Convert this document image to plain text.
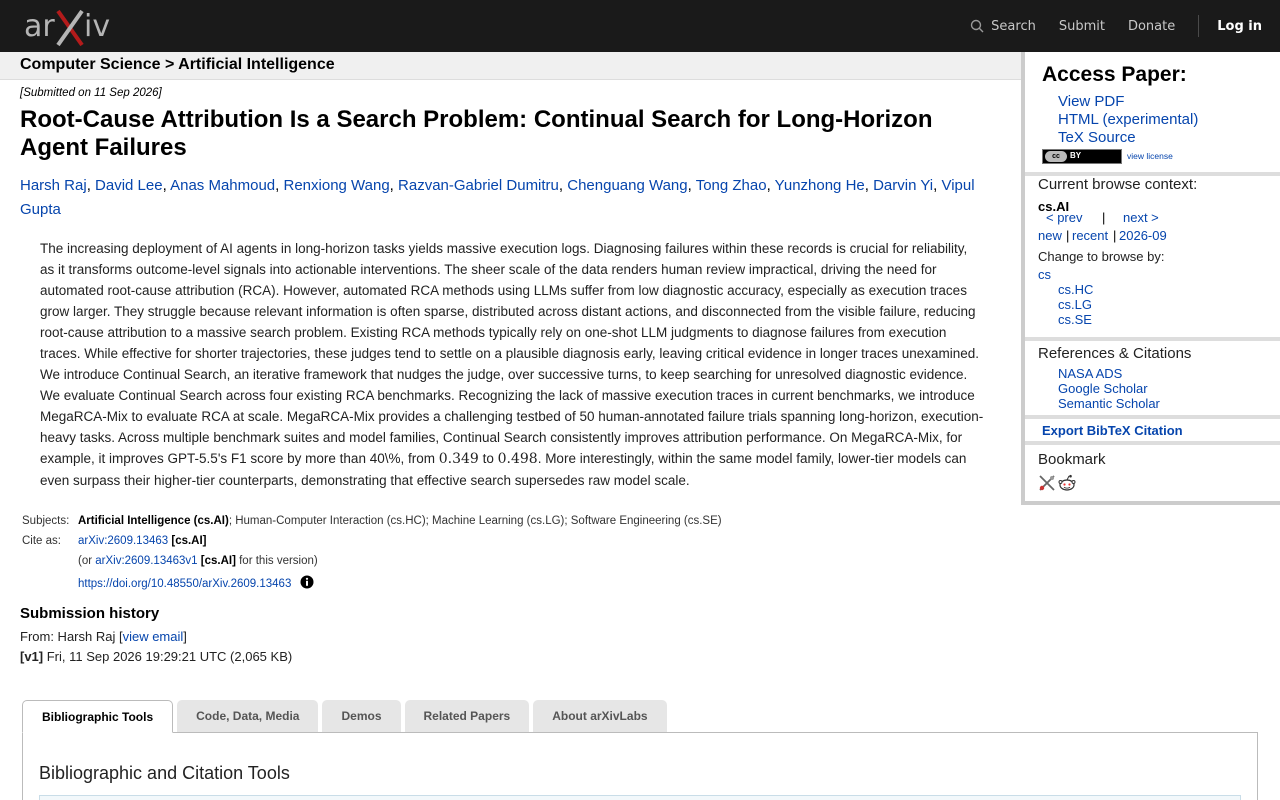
ar iv	Search Submit Donate	Log in
Computer Science > Artificial Intelligence
[Submitted on 11 Sep 2026]
Root-Cause Attribution Is a Search Problem: Continual Search for Long-Horizon Agent Failures
Harsh Raj, David Lee, Anas Mahmoud, Renxiong Wang, Razvan-Gabriel Dumitru, Chenguang Wang, Tong Zhao, Yunzhong He, Darvin Yi, Vipul Gupta
The increasing deployment of AI agents in long-horizon tasks yields massive execution logs. Diagnosing failures within these records is crucial for reliability, as it transforms outcome-level signals into actionable interventions. The sheer scale of the data renders human review impractical, driving the need for automated root-cause attribution (RCA). However, automated RCA methods using LLMs suffer from low diagnostic accuracy, especially as execution traces grow larger. They struggle because relevant information is often sparse, distributed across distant actions, and disconnected from the visible failure, reducing root-cause attribution to a massive search problem. Existing RCA methods typically rely on one-shot LLM judgments to diagnose failures from execution traces. While effective for shorter trajectories, these judges tend to settle on a plausible diagnosis early, leaving critical evidence in longer traces unexamined. We introduce Continual Search, an iterative framework that nudges the judge, over successive turns, to keep searching for unresolved diagnostic evidence. We evaluate Continual Search across four existing RCA benchmarks. Recognizing the lack of massive execution traces in current benchmarks, we introduce MegaRCA-Mix to evaluate RCA at scale. MegaRCA-Mix provides a challenging testbed of 50 human-annotated failure trials spanning long-horizon, execution-heavy tasks. Across multiple benchmark suites and model families, Continual Search consistently improves attribution performance. On MegaRCA-Mix, for example, it improves GPT-5.5's F1 score by more than 40\%, from 0.349 to 0.498. More interestingly, within the same model family, lower-tier models can even surpass their higher-tier counterparts, demonstrating that effective search supersedes raw model scale.
Subjects: Artificial Intelligence (cs.AI); Human-Computer Interaction (cs.HC); Machine Learning (cs.LG); Software Engineering (cs.SE)
Cite as: arXiv:2609.13463 [cs.AI]
(or arXiv:2609.13463v1 [cs.AI] for this version)
https://doi.org/10.48550/arXiv.2609.13463
Submission history
From: Harsh Raj [view email]
[v1] Fri, 11 Sep 2026 19:29:21 UTC (2,065 KB)
Bibliographic Tools	Code, Data, Media	Demos	Related Papers	About arXivLabs
Bibliographic and Citation Tools
Access Paper:
View PDF
HTML (experimental)
TeX Source
cc	BY	view license
Current browse context:
cs.AI
< prev | next >
new | recent | 2026-09
Change to browse by:
cs
cs.HC
cs.LG
cs.SE
References & Citations
NASA ADS
Google Scholar
Semantic Scholar
Export BibTeX Citation
Bookmark
